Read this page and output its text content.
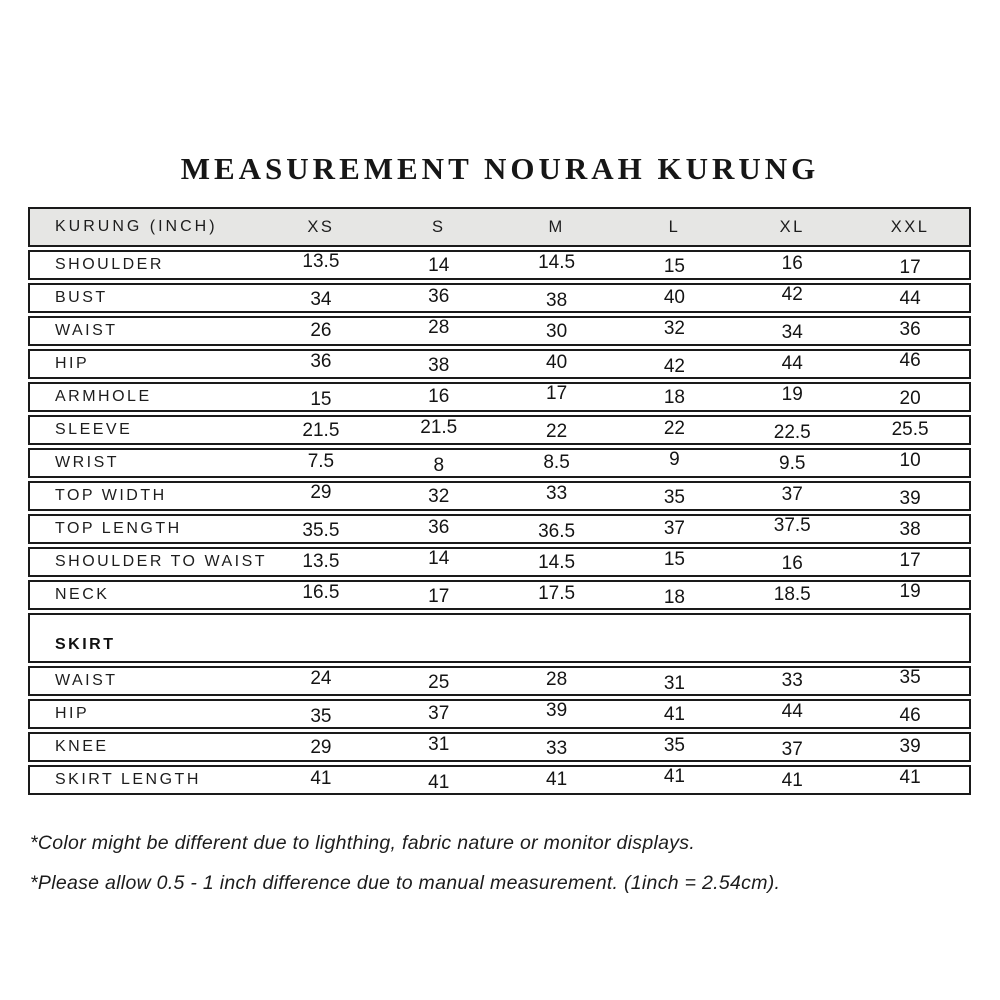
MEASUREMENT NOURAH KURUNG
KURUNG (INCH)	XS	S	M	L	XL	XXL
SHOULDER	13.5	14	14.5	15	16	17
BUST	34	36	38	40	42	44
WAIST	26	28	30	32	34	36
HIP	36	38	40	42	44	46
ARMHOLE	15	16	17	18	19	20
SLEEVE	21.5	21.5	22	22	22.5	25.5
WRIST	7.5	8	8.5	9	9.5	10
TOP WIDTH	29	32	33	35	37	39
TOP LENGTH	35.5	36	36.5	37	37.5	38
SHOULDER TO WAIST	13.5	14	14.5	15	16	17
NECK	16.5	17	17.5	18	18.5	19
SKIRT
WAIST	24	25	28	31	33	35
HIP	35	37	39	41	44	46
KNEE	29	31	33	35	37	39
SKIRT LENGTH	41	41	41	41	41	41

*Color might be different due to lighthing, fabric nature or monitor displays.

*Please allow 0.5 - 1 inch difference due to manual measurement. (1inch = 2.54cm).
